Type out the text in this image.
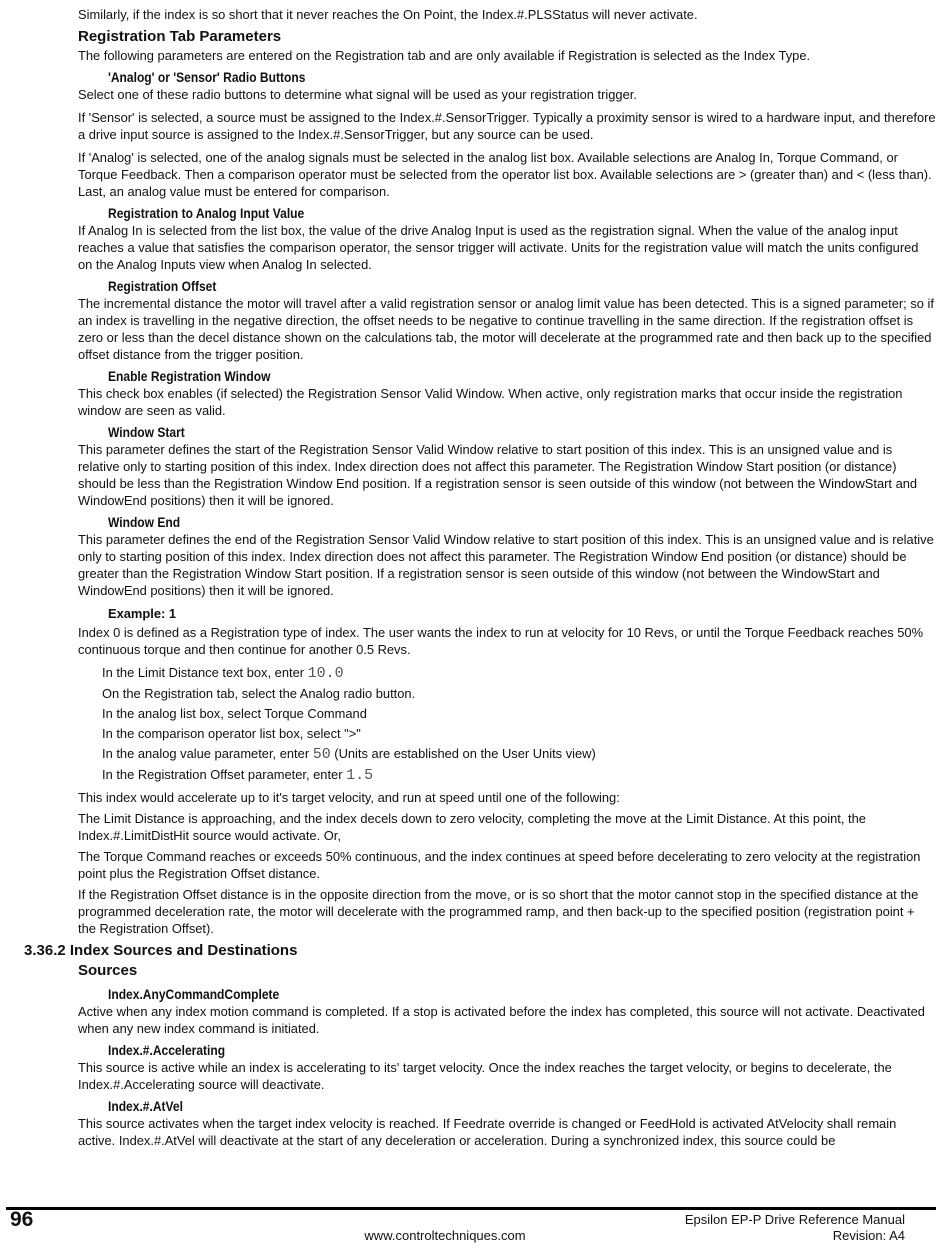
Similarly, if the index is so short that it never reaches the On Point, the Index.#.PLSStatus will never activate.

Registration Tab Parameters

The following parameters are entered on the Registration tab and are only available if Registration is selected as the Index Type.

'Analog' or 'Sensor' Radio Buttons

Select one of these radio buttons to determine what signal will be used as your registration trigger.

If 'Sensor' is selected, a source must be assigned to the Index.#.SensorTrigger. Typically a proximity sensor is wired to a hardware input, and therefore a drive input source is assigned to the Index.#.SensorTrigger, but any source can be used.

If 'Analog' is selected, one of the analog signals must be selected in the analog list box. Available selections are Analog In, Torque Command, or Torque Feedback. Then a comparison operator must be selected from the operator list box. Available selections are > (greater than) and < (less than). Last, an analog value must be entered for comparison.

Registration to Analog Input Value

If Analog In is selected from the list box, the value of the drive Analog Input is used as the registration signal. When the value of the analog input reaches a value that satisfies the comparison operator, the sensor trigger will activate. Units for the registration value will match the units configured on the Analog Inputs view when Analog In selected.

Registration Offset

The incremental distance the motor will travel after a valid registration sensor or analog limit value has been detected. This is a signed parameter; so if an index is travelling in the negative direction, the offset needs to be negative to continue travelling in the same direction. If the registration offset is zero or less than the decel distance shown on the calculations tab, the motor will decelerate at the programmed rate and then back up to the specified offset distance from the trigger position.

Enable Registration Window

This check box enables (if selected) the Registration Sensor Valid Window. When active, only registration marks that occur inside the registration window are seen as valid.

Window Start

This parameter defines the start of the Registration Sensor Valid Window relative to start position of this index. This is an unsigned value and is relative only to starting position of this index. Index direction does not affect this parameter. The Registration Window Start position (or distance) should be less than the Registration Window End position. If a registration sensor is seen outside of this window (not between the WindowStart and WindowEnd positions) then it will be ignored.

Window End

This parameter defines the end of the Registration Sensor Valid Window relative to start position of this index. This is an unsigned value and is relative only to starting position of this index. Index direction does not affect this parameter. The Registration Window End position (or distance) should be greater than the Registration Window Start position. If a registration sensor is seen outside of this window (not between the WindowStart and WindowEnd positions) then it will be ignored.

Example: 1

Index 0 is defined as a Registration type of index. The user wants the index to run at velocity for 10 Revs, or until the Torque Feedback reaches 50% continuous torque and then continue for another 0.5 Revs.

In the Limit Distance text box, enter 10.0
On the Registration tab, select the Analog radio button.
In the analog list box, select Torque Command
In the comparison operator list box, select ">"
In the analog value parameter, enter 50 (Units are established on the User Units view)
In the Registration Offset parameter, enter 1.5

This index would accelerate up to it's target velocity, and run at speed until one of the following:

The Limit Distance is approaching, and the index decels down to zero velocity, completing the move at the Limit Distance. At this point, the Index.#.LimitDistHit source would activate. Or,

The Torque Command reaches or exceeds 50% continuous, and the index continues at speed before decelerating to zero velocity at the registration point plus the Registration Offset distance.

If the Registration Offset distance is in the opposite direction from the move, or is so short that the motor cannot stop in the specified distance at the programmed deceleration rate, the motor will decelerate with the programmed ramp, and then back-up to the specified position (registration point + the Registration Offset).

3.36.2 Index Sources and Destinations
Sources
Index.AnyCommandComplete

Active when any index motion command is completed. If a stop is activated before the index has completed, this source will not activate. Deactivated when any new index command is initiated.

Index.#.Accelerating

This source is active while an index is accelerating to its' target velocity. Once the index reaches the target velocity, or begins to decelerate, the Index.#.Accelerating source will deactivate.

Index.#.AtVel

This source activates when the target index velocity is reached. If Feedrate override is changed or FeedHold is activated AtVelocity shall remain active. Index.#.AtVel will deactivate at the start of any deceleration or acceleration. During a synchronized index, this source could be

96	Epsilon EP-P Drive Reference Manual
www.controltechniques.com	Revision: A4
